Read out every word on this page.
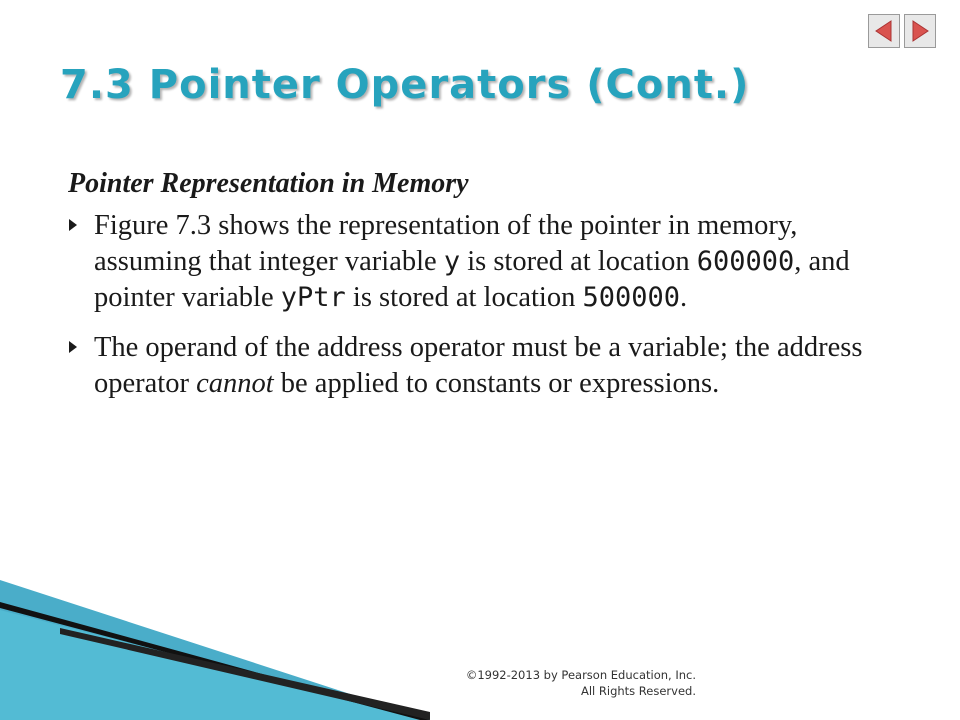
7.3 Pointer Operators (Cont.)
Pointer Representation in Memory
Figure 7.3 shows the representation of the pointer in memory, assuming that integer variable y is stored at location 600000, and pointer variable yPtr is stored at location 500000.
The operand of the address operator must be a variable; the address operator cannot be applied to constants or expressions.
©1992-2013 by Pearson Education, Inc.
All Rights Reserved.
